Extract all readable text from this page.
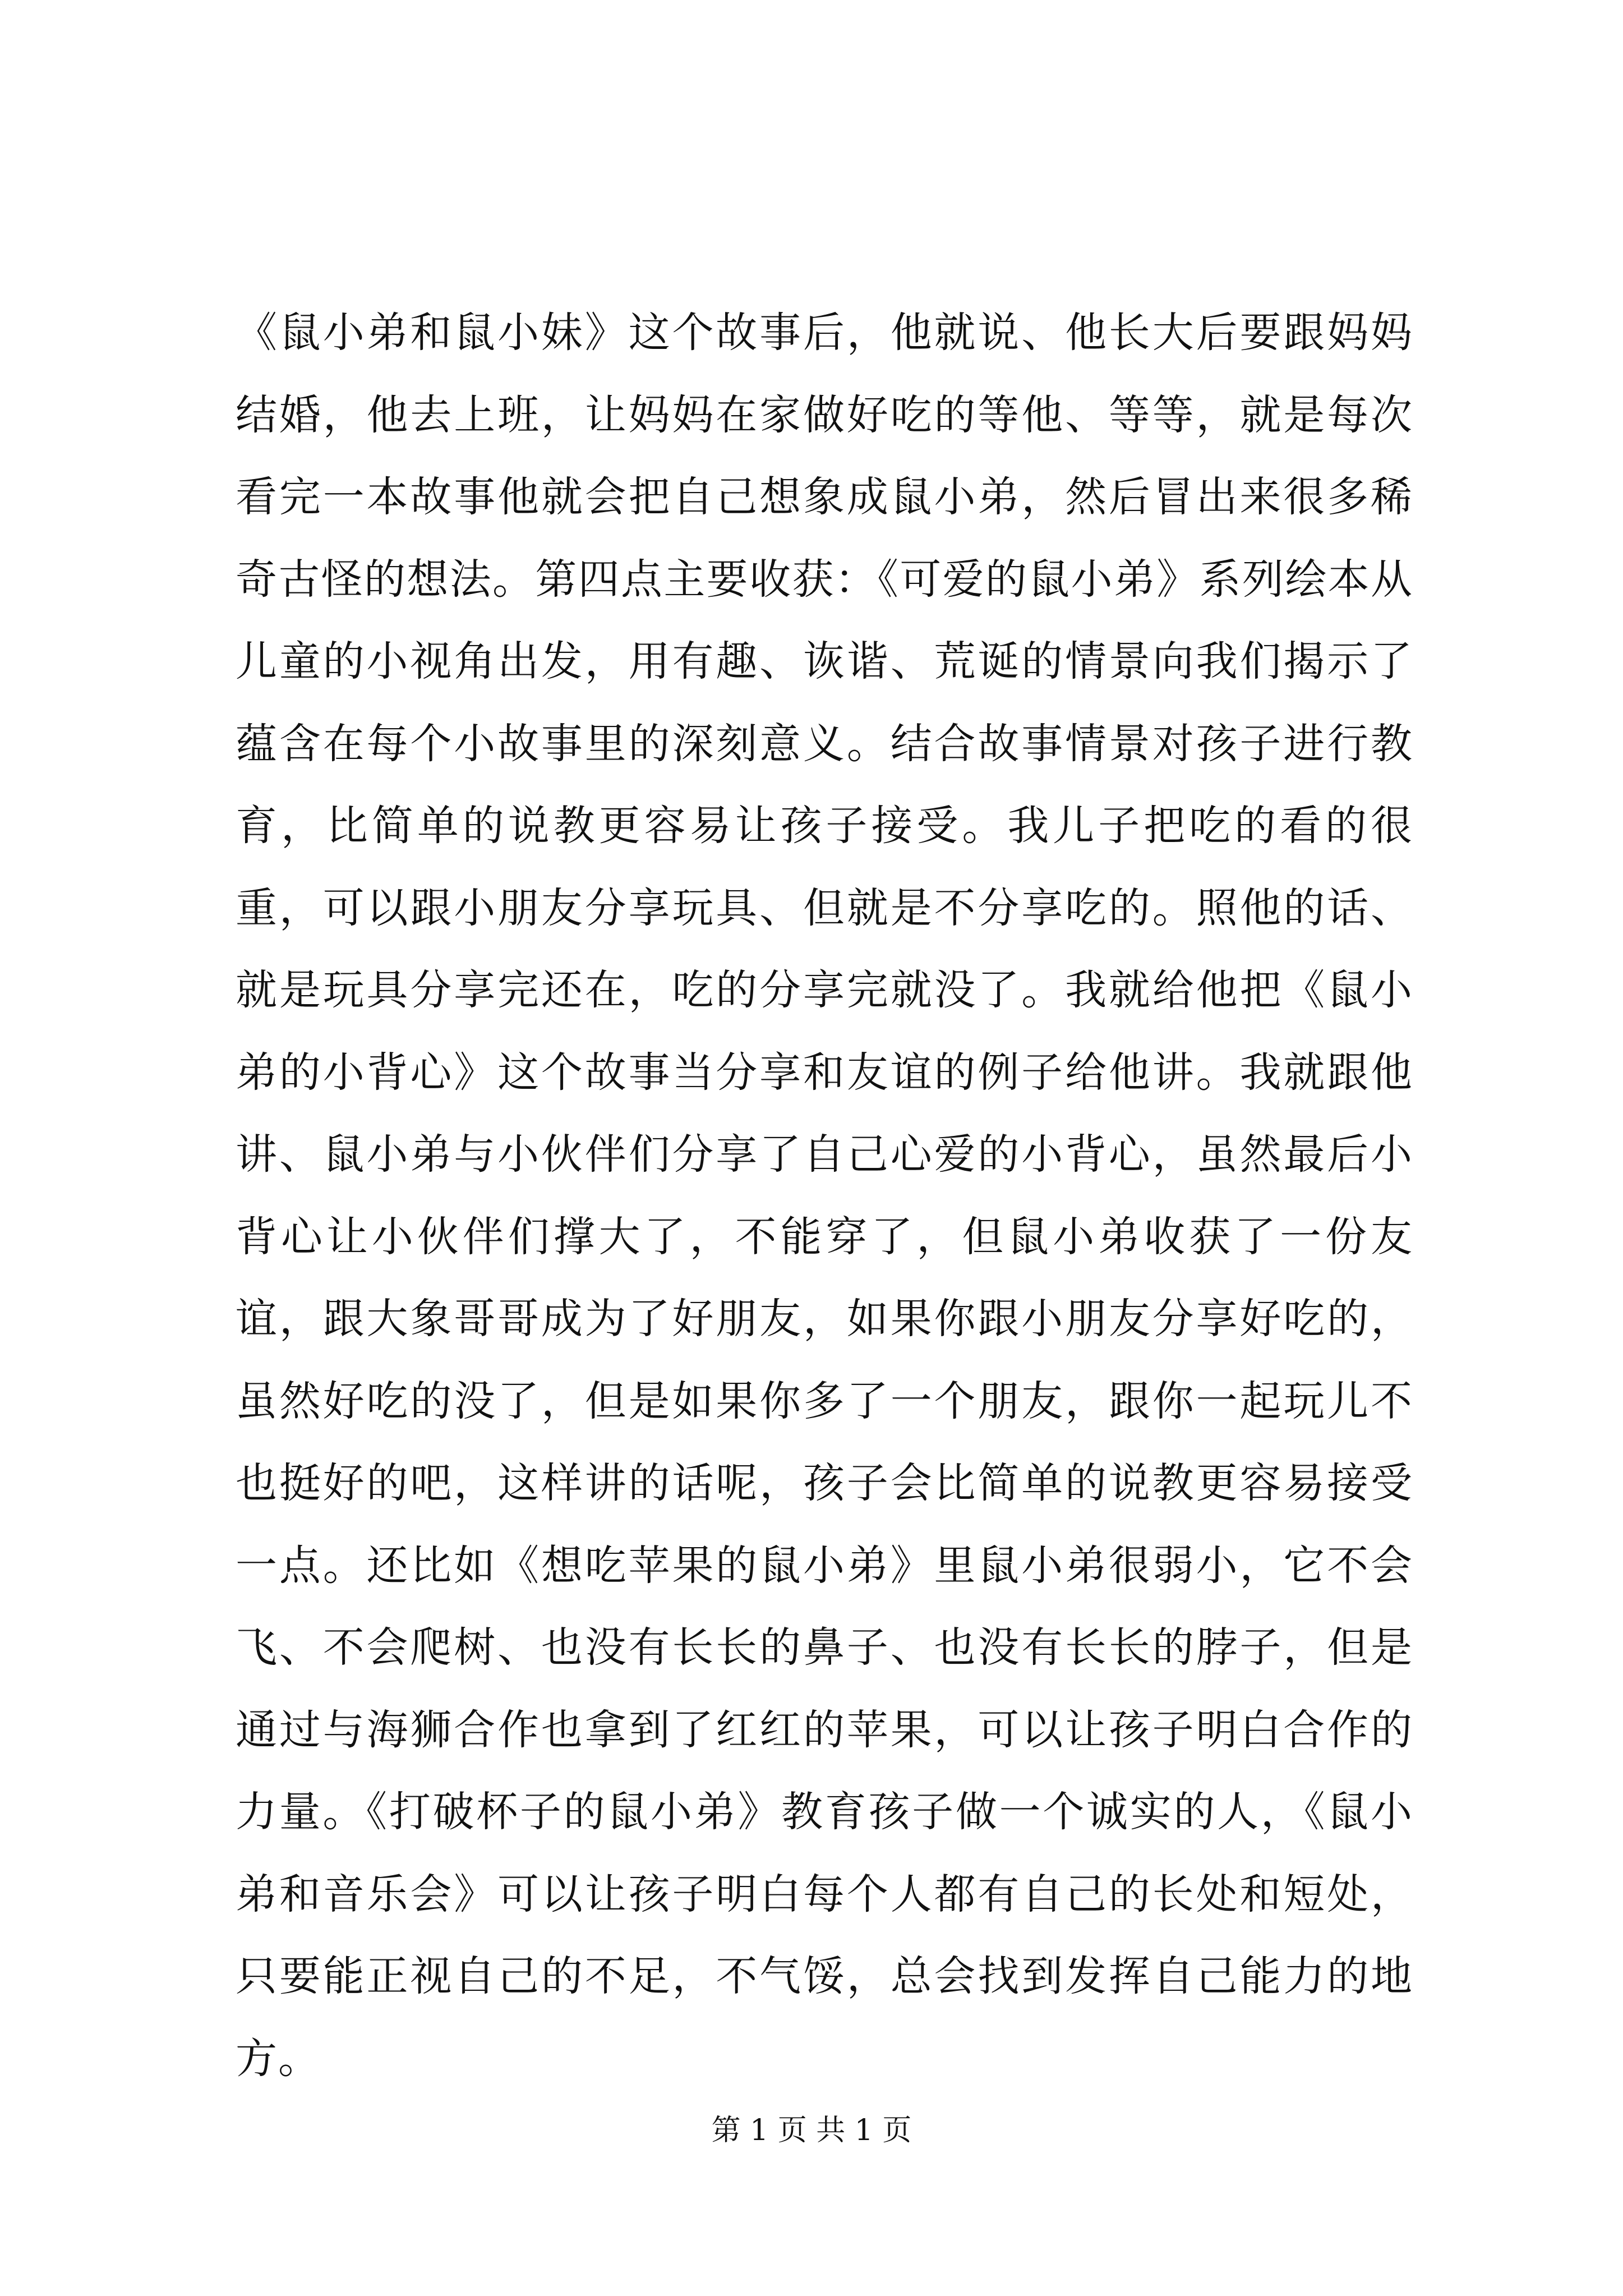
《鼠小弟和鼠小妹》这个故事后，他就说、他长大后要跟妈妈结婚，他去上班，让妈妈在家做好吃的等他、等等，就是每次看完一本故事他就会把自己想象成鼠小弟，然后冒出来很多稀奇古怪的想法。第四点主要收获：《可爱的鼠小弟》系列绘本从儿童的小视角出发，用有趣、诙谐、荒诞的情景向我们揭示了蕴含在每个小故事里的深刻意义。结合故事情景对孩子进行教育，比简单的说教更容易让孩子接受。我儿子把吃的看的很重，可以跟小朋友分享玩具、但就是不分享吃的。照他的话、就是玩具分享完还在，吃的分享完就没了。我就给他把《鼠小弟的小背心》这个故事当分享和友谊的例子给他讲。我就跟他讲、鼠小弟与小伙伴们分享了自己心爱的小背心，虽然最后小背心让小伙伴们撑大了，不能穿了，但鼠小弟收获了一份友谊，跟大象哥哥成为了好朋友，如果你跟小朋友分享好吃的，虽然好吃的没了，但是如果你多了一个朋友，跟你一起玩儿不也挺好的吧，这样讲的话呢，孩子会比简单的说教更容易接受一点。还比如《想吃苹果的鼠小弟》里鼠小弟很弱小，它不会飞、不会爬树、也没有长长的鼻子、也没有长长的脖子，但是通过与海狮合作也拿到了红红的苹果，可以让孩子明白合作的力量。《打破杯子的鼠小弟》教育孩子做一个诚实的人，《鼠小弟和音乐会》可以让孩子明白每个人都有自己的长处和短处，只要能正视自己的不足，不气馁，总会找到发挥自己能力的地方。

第 1 页 共 1 页
